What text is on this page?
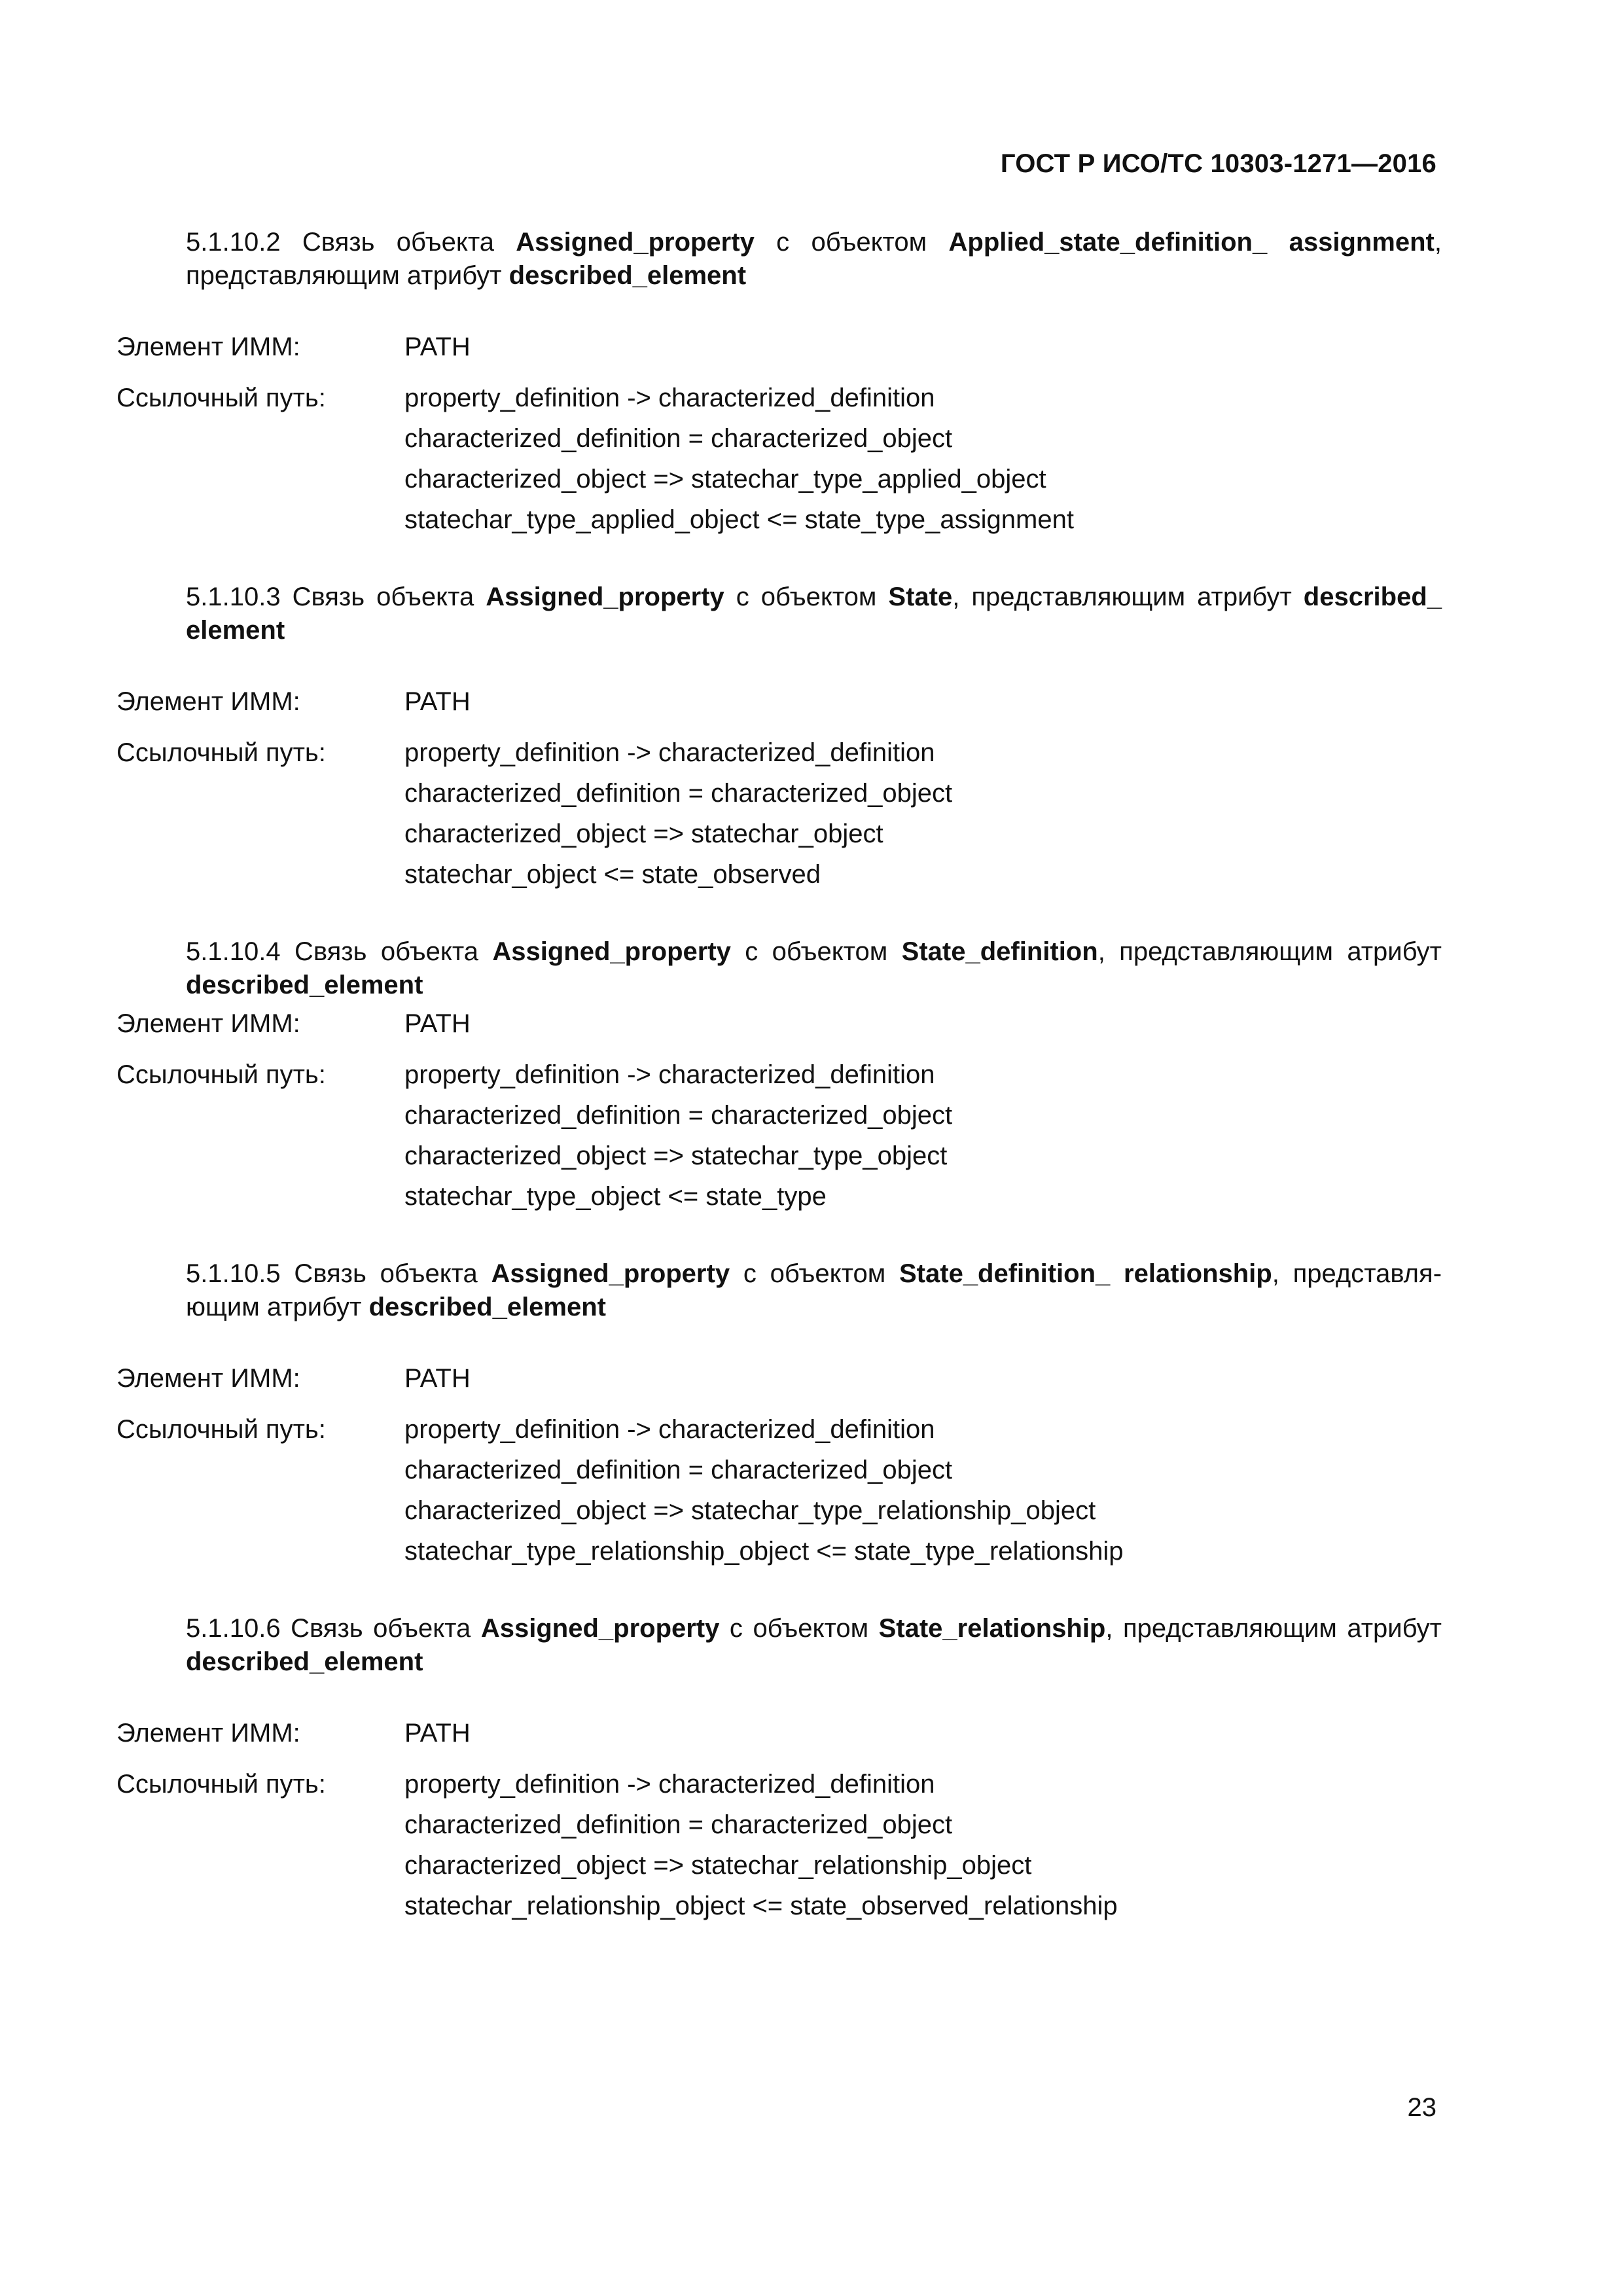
ГОСТ Р ИСО/ТС 10303-1271—2016
5.1.10.2 Связь объекта Assigned_property с объектом Applied_state_definition_ assignment, представляющим атрибут described_element
Элемент ИММ:	PATH
Ссылочный путь:	property_definition -> characterized_definition
characterized_definition = characterized_object
characterized_object => statechar_type_applied_object
statechar_type_applied_object <= state_type_assignment
5.1.10.3 Связь объекта Assigned_property с объектом State, представляющим атрибут described_ element
Элемент ИММ:	PATH
Ссылочный путь:	property_definition -> characterized_definition
characterized_definition = characterized_object
characterized_object => statechar_object
statechar_object <= state_observed
5.1.10.4 Связь объекта Assigned_property с объектом State_definition, представляющим атрибут described_element
Элемент ИММ:	PATH
Ссылочный путь:	property_definition -> characterized_definition
characterized_definition = characterized_object
characterized_object => statechar_type_object
statechar_type_object <= state_type
5.1.10.5 Связь объекта Assigned_property с объектом State_definition_ relationship, представляющим атрибут described_element
Элемент ИММ:	PATH
Ссылочный путь:	property_definition -> characterized_definition
characterized_definition = characterized_object
characterized_object => statechar_type_relationship_object
statechar_type_relationship_object <= state_type_relationship
5.1.10.6 Связь объекта Assigned_property с объектом State_relationship, представляющим атрибут described_element
Элемент ИММ:	PATH
Ссылочный путь:	property_definition -> characterized_definition
characterized_definition = characterized_object
characterized_object => statechar_relationship_object
statechar_relationship_object <= state_observed_relationship
23
